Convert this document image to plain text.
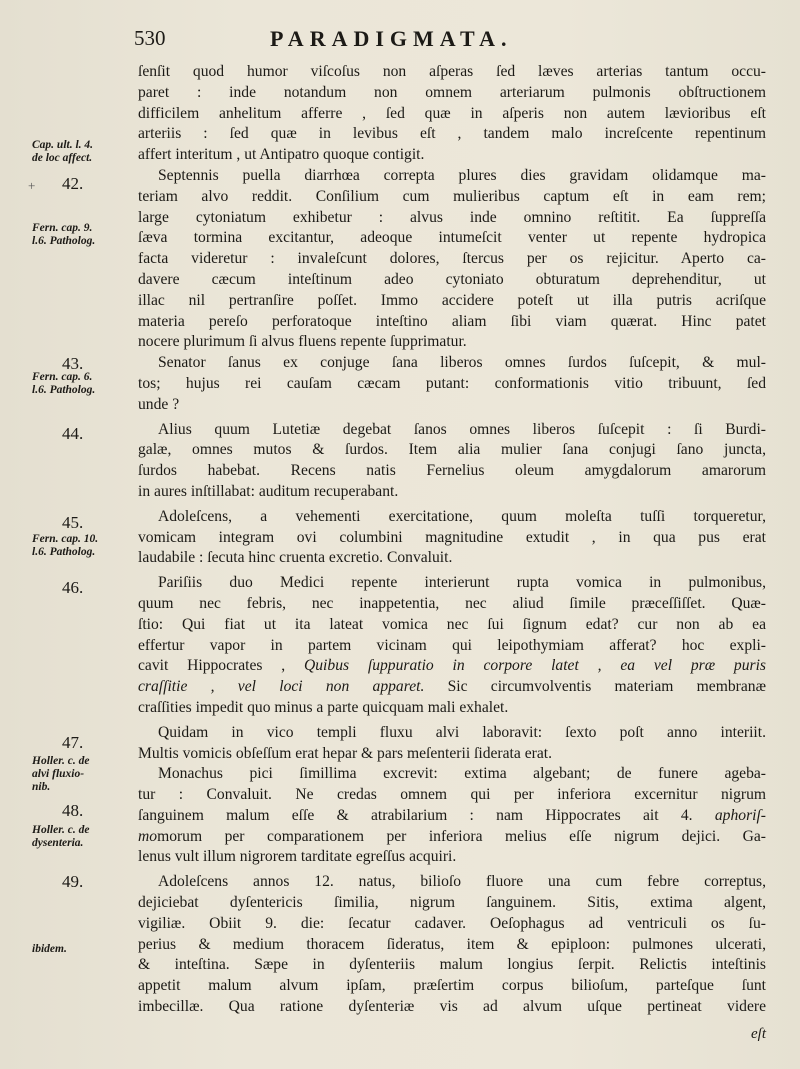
530	PARADIGMATA.
+
Cap. ult. l. 4.
de loc affect.
Fern. cap. 9.
l.6. Patholog.
Fern. cap. 6.
l.6. Patholog.
Fern. cap. 10.
l.6. Patholog.
Holler. c. de
alvi fluxio-
nib.
Holler. c. de
dysenteria.
ibidem.
42.
43.
44.
45.
46.
47.
48.
49.
ſenſit quod humor viſcoſus non aſperas ſed læves arterias tantum occu-
paret : inde notandum non omnem arteriarum pulmonis obſtructionem
difficilem anhelitum afferre , ſed quæ in aſperis non autem lævioribus eſt
arteriis : ſed quæ in levibus eſt , tandem malo increſcente repentinum
affert interitum , ut Antipatro quoque contigit.
Septennis puella diarrhœa correpta plures dies gravidam olidamque ma-
teriam alvo reddit. Conſilium cum mulieribus captum eſt in eam rem;
large cytoniatum exhibetur : alvus inde omnino reſtitit. Ea ſuppreſſa
ſæva tormina excitantur, adeoque intumeſcit venter ut repente hydropica
facta videretur : invaleſcunt dolores, ſtercus per os rejicitur. Aperto ca-
davere cæcum inteſtinum adeo cytoniato obturatum deprehenditur, ut
illac nil pertranſire poſſet. Immo accidere poteſt ut illa putris acriſque
materia pereſo perforatoque inteſtino aliam ſibi viam quærat. Hinc patet
nocere plurimum ſi alvus fluens repente ſupprimatur.
Senator ſanus ex conjuge ſana liberos omnes ſurdos ſuſcepit, & mul-
tos; hujus rei cauſam cæcam putant: conformationis vitio tribuunt, ſed
unde ?
Alius quum Lutetiæ degebat ſanos omnes liberos ſuſcepit : ſi Burdi-
galæ, omnes mutos & ſurdos. Item alia mulier ſana conjugi ſano juncta,
ſurdos habebat. Recens natis Fernelius oleum amygdalorum amarorum
in aures inſtillabat: auditum recuperabant.
Adoleſcens, a vehementi exercitatione, quum moleſta tuſſi torqueretur,
vomicam integram ovi columbini magnitudine extudit , in qua pus erat
laudabile : ſecuta hinc cruenta excretio. Convaluit.
Pariſiis duo Medici repente interierunt rupta vomica in pulmonibus,
quum nec febris, nec inappetentia, nec aliud ſimile præceſſiſſet. Quæ-
ſtio: Qui fiat ut ita lateat vomica nec ſui ſignum edat? cur non ab ea
effertur vapor in partem vicinam qui leipothymiam afferat? hoc expli-
cavit Hippocrates , Quibus ſuppuratio in corpore latet , ea vel præ puris
craſſitie , vel loci non apparet. Sic circumvolventis materiam membranæ
craſſities impedit quo minus a parte quicquam mali exhalet.
Quidam in vico templi fluxu alvi laboravit: ſexto poſt anno interiit.
Multis vomicis obſeſſum erat hepar & pars meſenterii ſiderata erat.
Monachus pici ſimillima excrevit: extima algebant; de funere ageba-
tur : Convaluit. Ne credas omnem qui per inferiora excernitur nigrum
ſanguinem malum eſſe & atrabilarium : nam Hippocrates ait 4. aphoriſ-
momorum per comparationem per inferiora melius eſſe nigrum dejici. Ga-
lenus vult illum nigrorem tarditate egreſſus acquiri.
Adoleſcens annos 12. natus, bilioſo fluore una cum febre correptus,
dejiciebat dyſentericis ſimilia, nigrum ſanguinem. Sitis, extima algent,
vigiliæ. Obiit 9. die: ſecatur cadaver. Oeſophagus ad ventriculi os ſu-
perius & medium thoracem ſideratus, item & epiploon: pulmones ulcerati,
& inteſtina. Sæpe in dyſenteriis malum longius ſerpit. Relictis inteſtinis
appetit malum alvum ipſam, præſertim corpus bilioſum, parteſque ſunt
imbecillæ. Qua ratione dyſenteriæ vis ad alvum uſque pertineat videre
eſt
